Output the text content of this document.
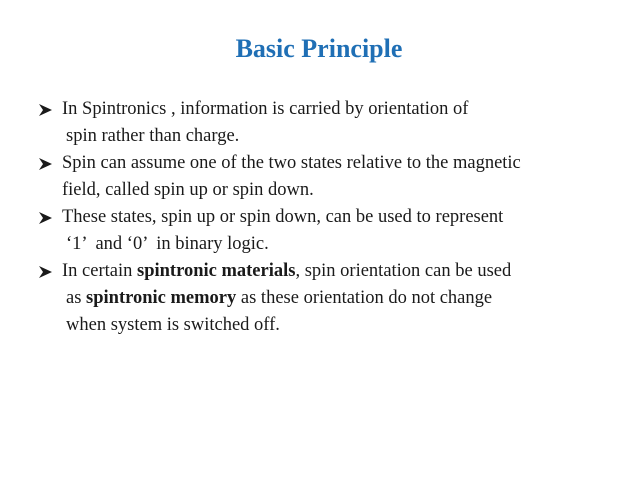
Basic Principle
In Spintronics , information is carried by orientation of
spin rather than charge.
Spin can assume one of the two states relative to the magnetic
field, called spin up or spin down.
These states, spin up or spin down, can be used to represent
‘1’  and ‘0’  in binary logic.
In certain spintronic materials, spin orientation can be used
as spintronic memory as these orientation do not change
when system is switched off.
